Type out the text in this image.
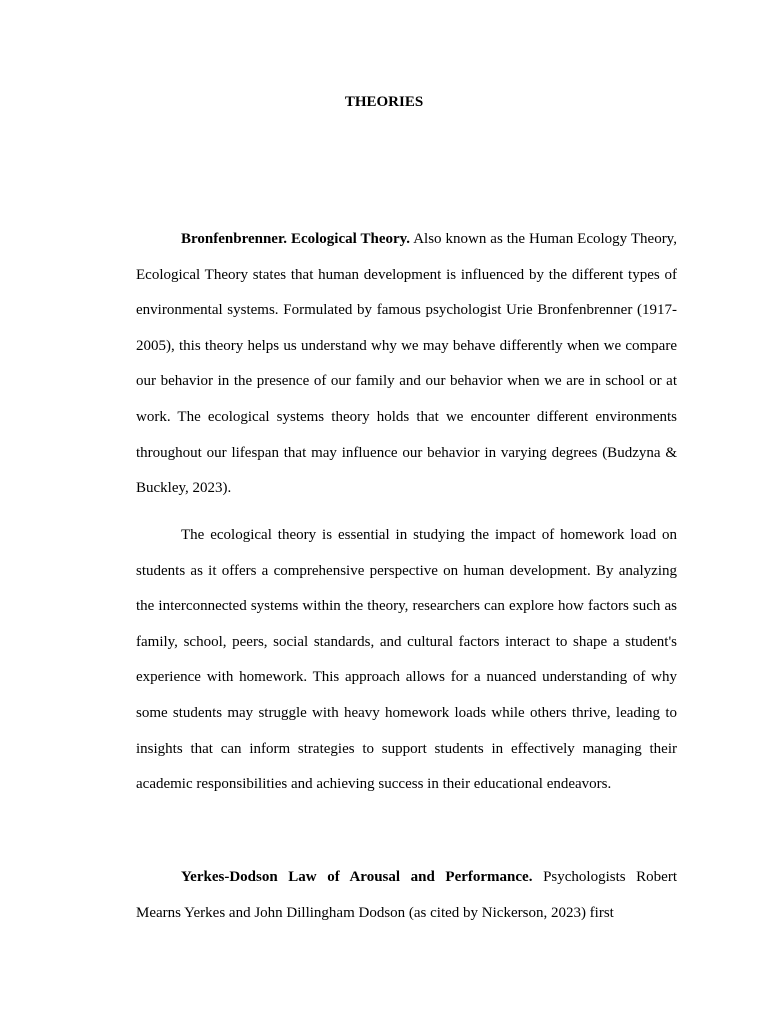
THEORIES

Bronfenbrenner. Ecological Theory. Also known as the Human Ecology Theory, Ecological Theory states that human development is influenced by the different types of environmental systems. Formulated by famous psychologist Urie Bronfenbrenner (1917-2005), this theory helps us understand why we may behave differently when we compare our behavior in the presence of our family and our behavior when we are in school or at work. The ecological systems theory holds that we encounter different environments throughout our lifespan that may influence our behavior in varying degrees (Budzyna & Buckley, 2023).

The ecological theory is essential in studying the impact of homework load on students as it offers a comprehensive perspective on human development. By analyzing the interconnected systems within the theory, researchers can explore how factors such as family, school, peers, social standards, and cultural factors interact to shape a student's experience with homework. This approach allows for a nuanced understanding of why some students may struggle with heavy homework loads while others thrive, leading to insights that can inform strategies to support students in effectively managing their academic responsibilities and achieving success in their educational endeavors.

Yerkes-Dodson Law of Arousal and Performance. Psychologists Robert Mearns Yerkes and John Dillingham Dodson (as cited by Nickerson, 2023) first
